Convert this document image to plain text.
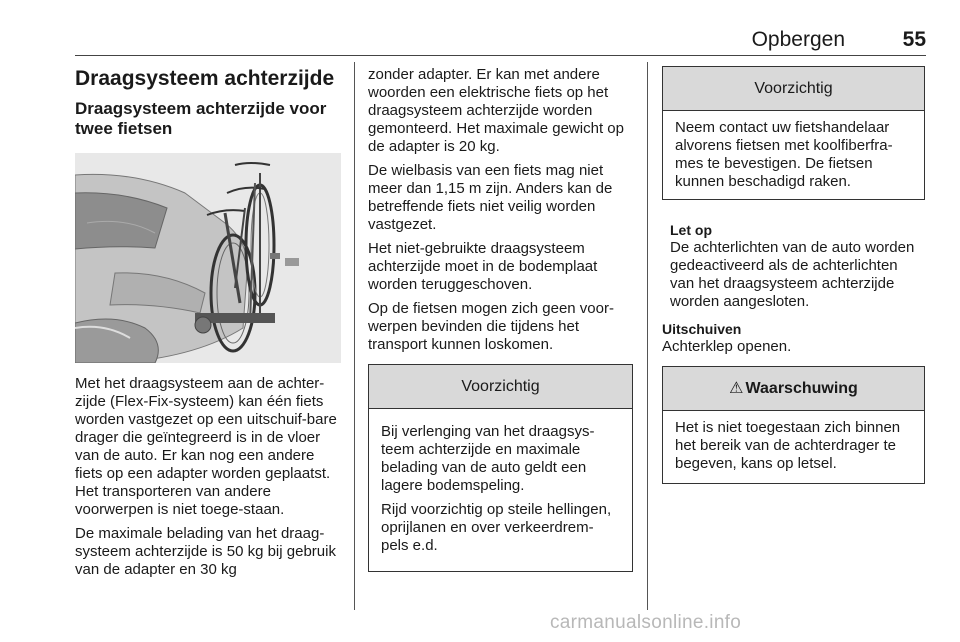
Opbergen	55
Draagsysteem achterzijde
Draagsysteem achterzijde voor twee fietsen

Met het draagsysteem aan de achter-zijde (Flex-Fix-systeem) kan één fiets worden vastgezet op een uitschuif-bare drager die geïntegreerd is in de vloer van de auto. Er kan nog een andere fiets op een adapter worden geplaatst. Het transporteren van andere voorwerpen is niet toege-staan.

De maximale belading van het draag-systeem achterzijde is 50 kg bij gebruik van de adapter en 30 kg

zonder adapter. Er kan met andere woorden een elektrische fiets op het draagsysteem achterzijde worden gemonteerd. Het maximale gewicht op de adapter is 20 kg.

De wielbasis van een fiets mag niet meer dan 1,15 m zijn. Anders kan de betreffende fiets niet veilig worden vastgezet.

Het niet-gebruikte draagsysteem achterzijde moet in de bodemplaat worden teruggeschoven.

Op de fietsen mogen zich geen voor-werpen bevinden die tijdens het transport kunnen loskomen.

Voorzichtig

Bij verlenging van het draagsys-teem achterzijde en maximale belading van de auto geldt een lagere bodemspeling.

Rijd voorzichtig op steile hellingen, oprijlanen en over verkeerdrem-pels e.d.

Voorzichtig

Neem contact uw fietshandelaar alvorens fietsen met koolfiberfra-mes te bevestigen. De fietsen kunnen beschadigd raken.

Let op
De achterlichten van de auto worden gedeactiveerd als de achterlichten van het draagsysteem achterzijde worden aangesloten.
Uitschuiven
Achterklep openen.
⚠ Waarschuwing

Het is niet toegestaan zich binnen het bereik van de achterdrager te begeven, kans op letsel.

carmanualsonline.info
